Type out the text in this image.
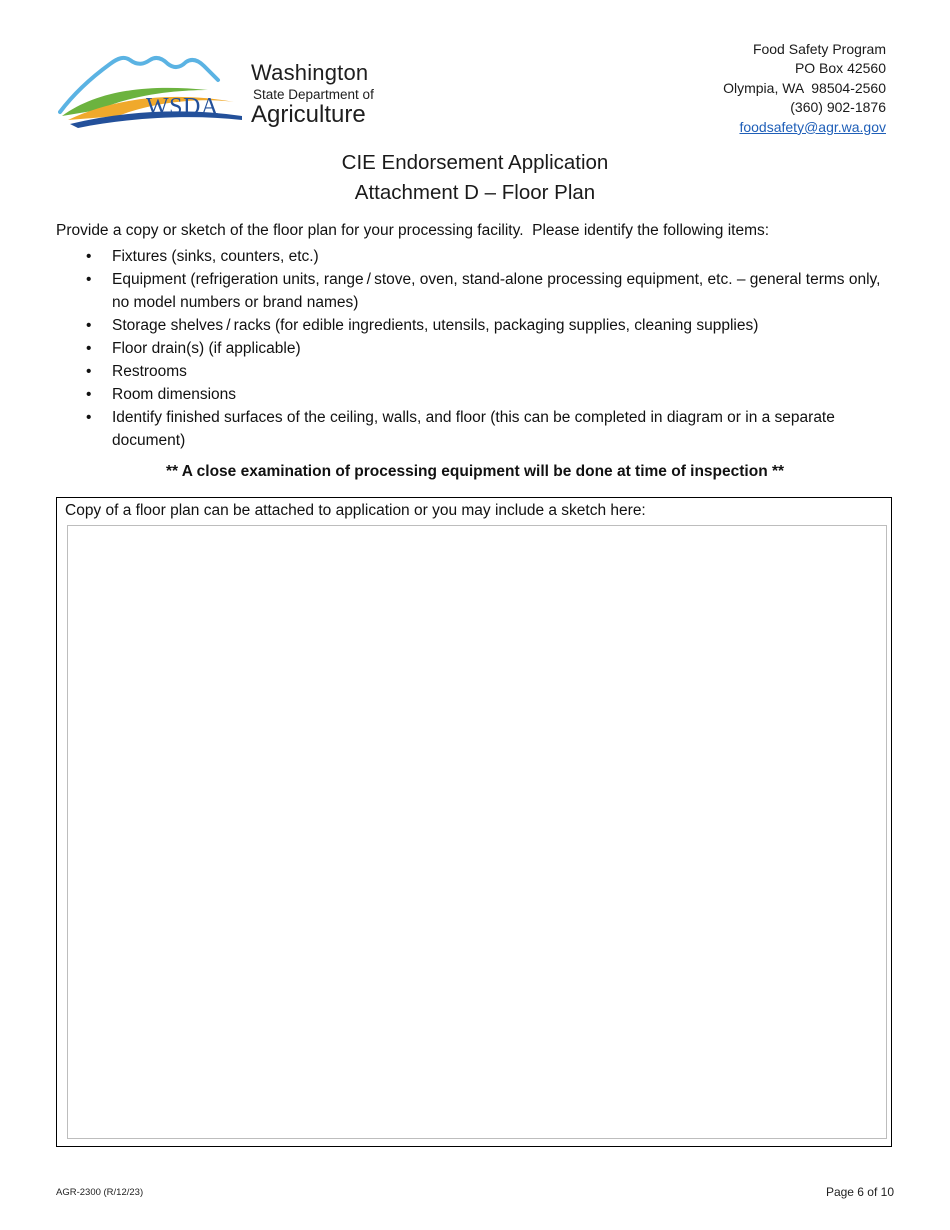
WSDA
Washington
State Department of
Agriculture
Food Safety Program
PO Box 42560
Olympia, WA  98504-2560
(360) 902-1876
foodsafety@agr.wa.gov
CIE Endorsement Application
Attachment D – Floor Plan
Provide a copy or sketch of the floor plan for your processing facility.  Please identify the following items:
• Fixtures (sinks, counters, etc.)
• Equipment (refrigeration units, range / stove, oven, stand-alone processing equipment, etc. – general terms only, no model numbers or brand names)
• Storage shelves / racks (for edible ingredients, utensils, packaging supplies, cleaning supplies)
• Floor drain(s) (if applicable)
• Restrooms
• Room dimensions
• Identify finished surfaces of the ceiling, walls, and floor (this can be completed in diagram or in a separate document)
** A close examination of processing equipment will be done at time of inspection **
Copy of a floor plan can be attached to application or you may include a sketch here:
AGR-2300 (R/12/23)	Page 6 of 10
